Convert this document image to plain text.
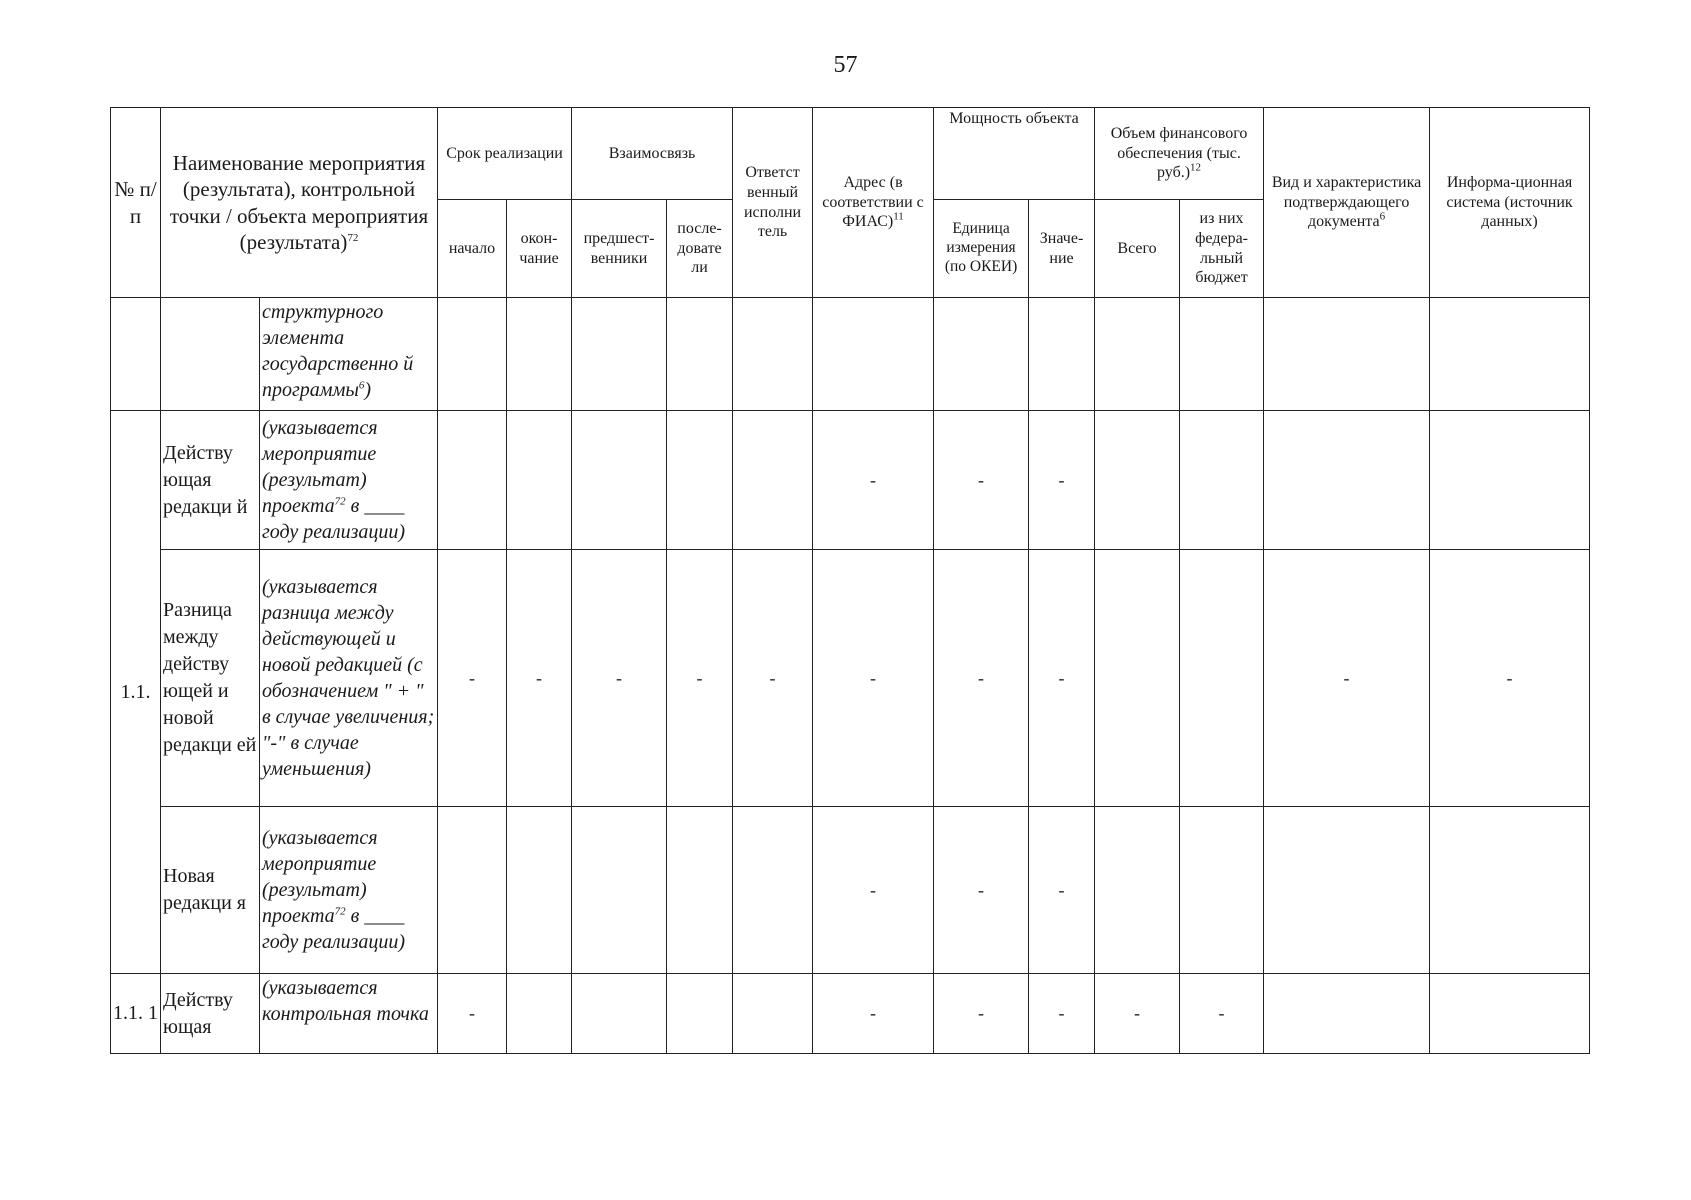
57
№ п/п	Наименование мероприятия (результата), контрольной точки / объекта мероприятия (результата)$^{72}$		Срок реализации		Взаимосвязь		Ответст венный исполни тель	Адрес (в соответствии с ФИАС)$^{11}$	Мощность объекта		Объем финансового обеспечения (тыс. руб.)$^{12}$		Вид и характеристика подтверждающего документа$^6$	Информа-ционная система (источник данных)
			начало	окон-чание	предшест-венники	после-довате ли			Единица измерения (по ОКЕИ)	Значе-ние	Всего	из них федера-льный бюджет		
		структурного элемента государственно й программы$^6$)												
1.1.	Действу ющая редакци й	(указывается мероприятие (результат) проекта$^{72}$ в ____ году реализации)						-	-	-				
	Разница между действу ющей и новой редакци ей	(указывается разница между действующей и новой редакцией (с обозначением " + " в случае увеличения; "-" в случае уменьшения)	-	-	-	-	-	-	-	-			-	-
	Новая редакци я	(указывается мероприятие (результат) проекта$^{72}$ в ____ году реализации)						-	-	-				
1.1. 1	Действу ющая	(указывается контрольная точка	-					-	-	-	-	-		
